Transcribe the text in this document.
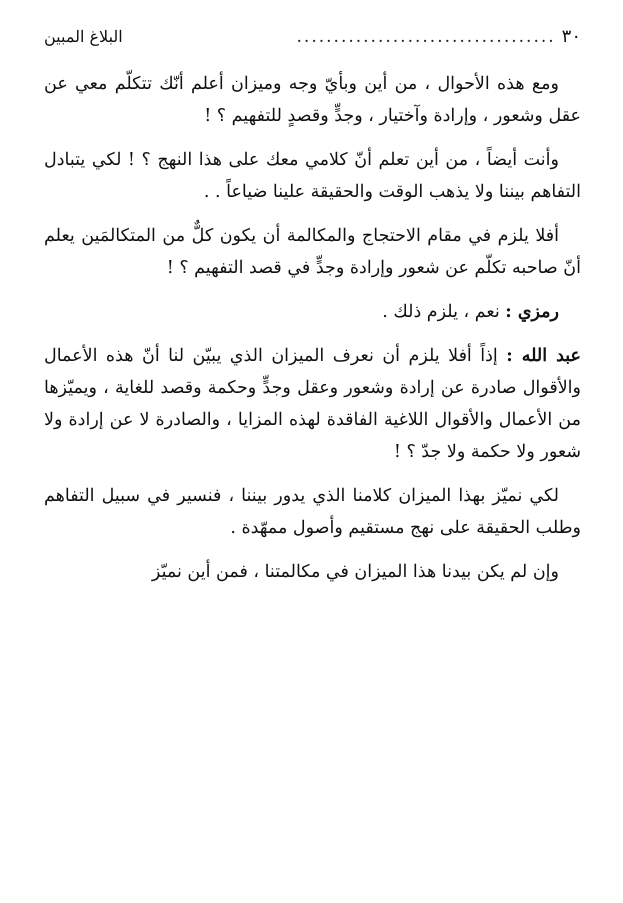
٣٠
...................................
البلاغ المبين

ومع هذه الأحوال ، من أين وبأيّ وجه وميزان أعلم أنّك تتكلّم معي عن عقل وشعور ، وإرادة وآختيار ، وجدٍّ وقصدٍ للتفهيم ؟ !

وأنت أيضاً ، من أين تعلم أنّ كلامي معك على هذا النهج ؟ ! لكي يتبادل التفاهم بيننا ولا يذهب الوقت والحقيقة علينا ضياعاً . .

أفلا يلزم في مقام الاحتجاج والمكالمة أن يكون كلٌّ من المتكالمَين يعلم أنّ صاحبه تكلّم عن شعور وإرادة وجدٍّ في قصد التفهيم ؟ !

رمزي : نعم ، يلزم ذلك .

عبد الله : إذاً أفلا يلزم أن نعرف الميزان الذي يبيّن لنا أنّ هذه الأعمال والأقوال صادرة عن إرادة وشعور وعقل وجدٍّ وحكمة وقصد للغاية ، ويميّزها من الأعمال والأقوال اللاغية الفاقدة لهذه المزايا ، والصادرة لا عن إرادة ولا شعور ولا حكمة ولا جدّ ؟ !

لكي نميّز بهذا الميزان كلامنا الذي يدور بيننا ، فنسير في سبيل التفاهم وطلب الحقيقة على نهج مستقيم وأصول ممهّدة .

وإن لم يكن بيدنا هذا الميزان في مكالمتنا ، فمن أين نميّز
